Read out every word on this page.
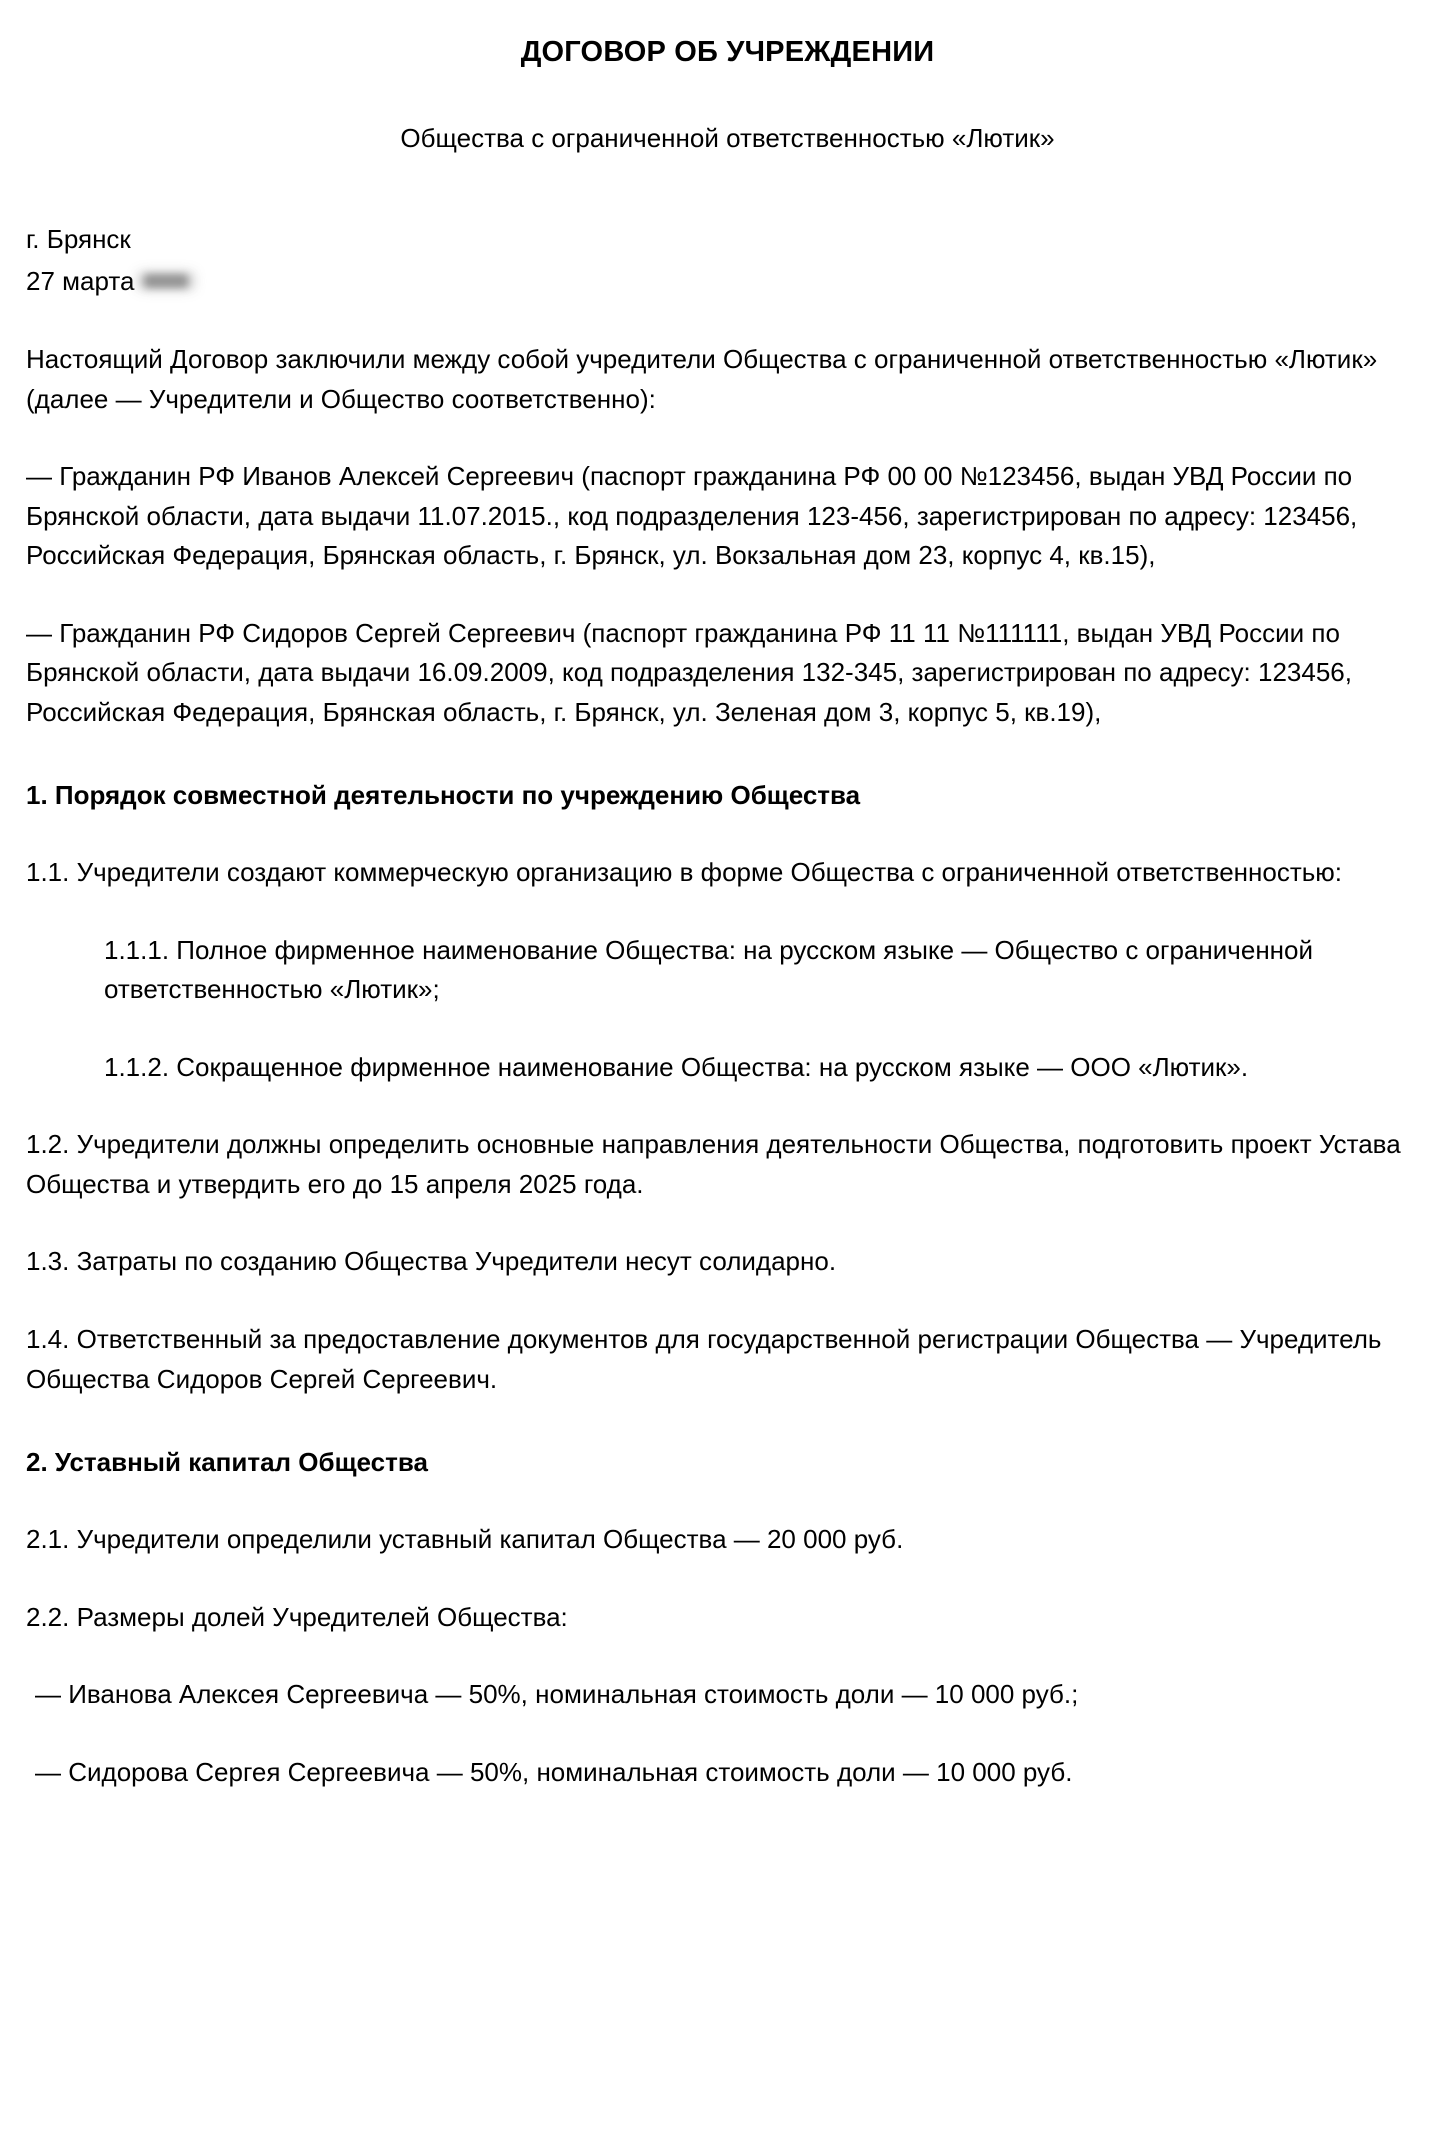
ДОГОВОР ОБ УЧРЕЖДЕНИИ
Общества с ограниченной ответственностью «Лютик»
г. Брянск
27 марта

Настоящий Договор заключили между собой учредители Общества с ограниченной ответственностью «Лютик» (далее — Учредители и Общество соответственно):

— Гражданин РФ Иванов Алексей Сергеевич (паспорт гражданина РФ 00 00 №123456, выдан УВД России по Брянской области, дата выдачи 11.07.2015., код подразделения 123-456, зарегистрирован по адресу: 123456, Российская Федерация, Брянская область, г. Брянск, ул. Вокзальная дом 23, корпус 4, кв.15),

— Гражданин РФ Сидоров Сергей Сергеевич (паспорт гражданина РФ 11 11 №111111, выдан УВД России по Брянской области, дата выдачи 16.09.2009, код подразделения 132-345, зарегистрирован по адресу: 123456, Российская Федерация, Брянская область, г. Брянск, ул. Зеленая дом 3, корпус 5, кв.19),

1. Порядок совместной деятельности по учреждению Общества

1.1. Учредители создают коммерческую организацию в форме Общества с ограниченной ответственностью:

1.1.1. Полное фирменное наименование Общества: на русском языке — Общество с ограниченной ответственностью «Лютик»;

1.1.2. Сокращенное фирменное наименование Общества: на русском языке — ООО «Лютик».

1.2. Учредители должны определить основные направления деятельности Общества, подготовить проект Устава Общества и утвердить его до 15 апреля 2025 года.

1.3. Затраты по созданию Общества Учредители несут солидарно.

1.4. Ответственный за предоставление документов для государственной регистрации Общества — Учредитель Общества Сидоров Сергей Сергеевич.

2. Уставный капитал Общества

2.1. Учредители определили уставный капитал Общества — 20 000 руб.

2.2. Размеры долей Учредителей Общества:

— Иванова Алексея Сергеевича — 50%, номинальная стоимость доли — 10 000 руб.;

— Сидорова Сергея Сергеевича — 50%, номинальная стоимость доли — 10 000 руб.
